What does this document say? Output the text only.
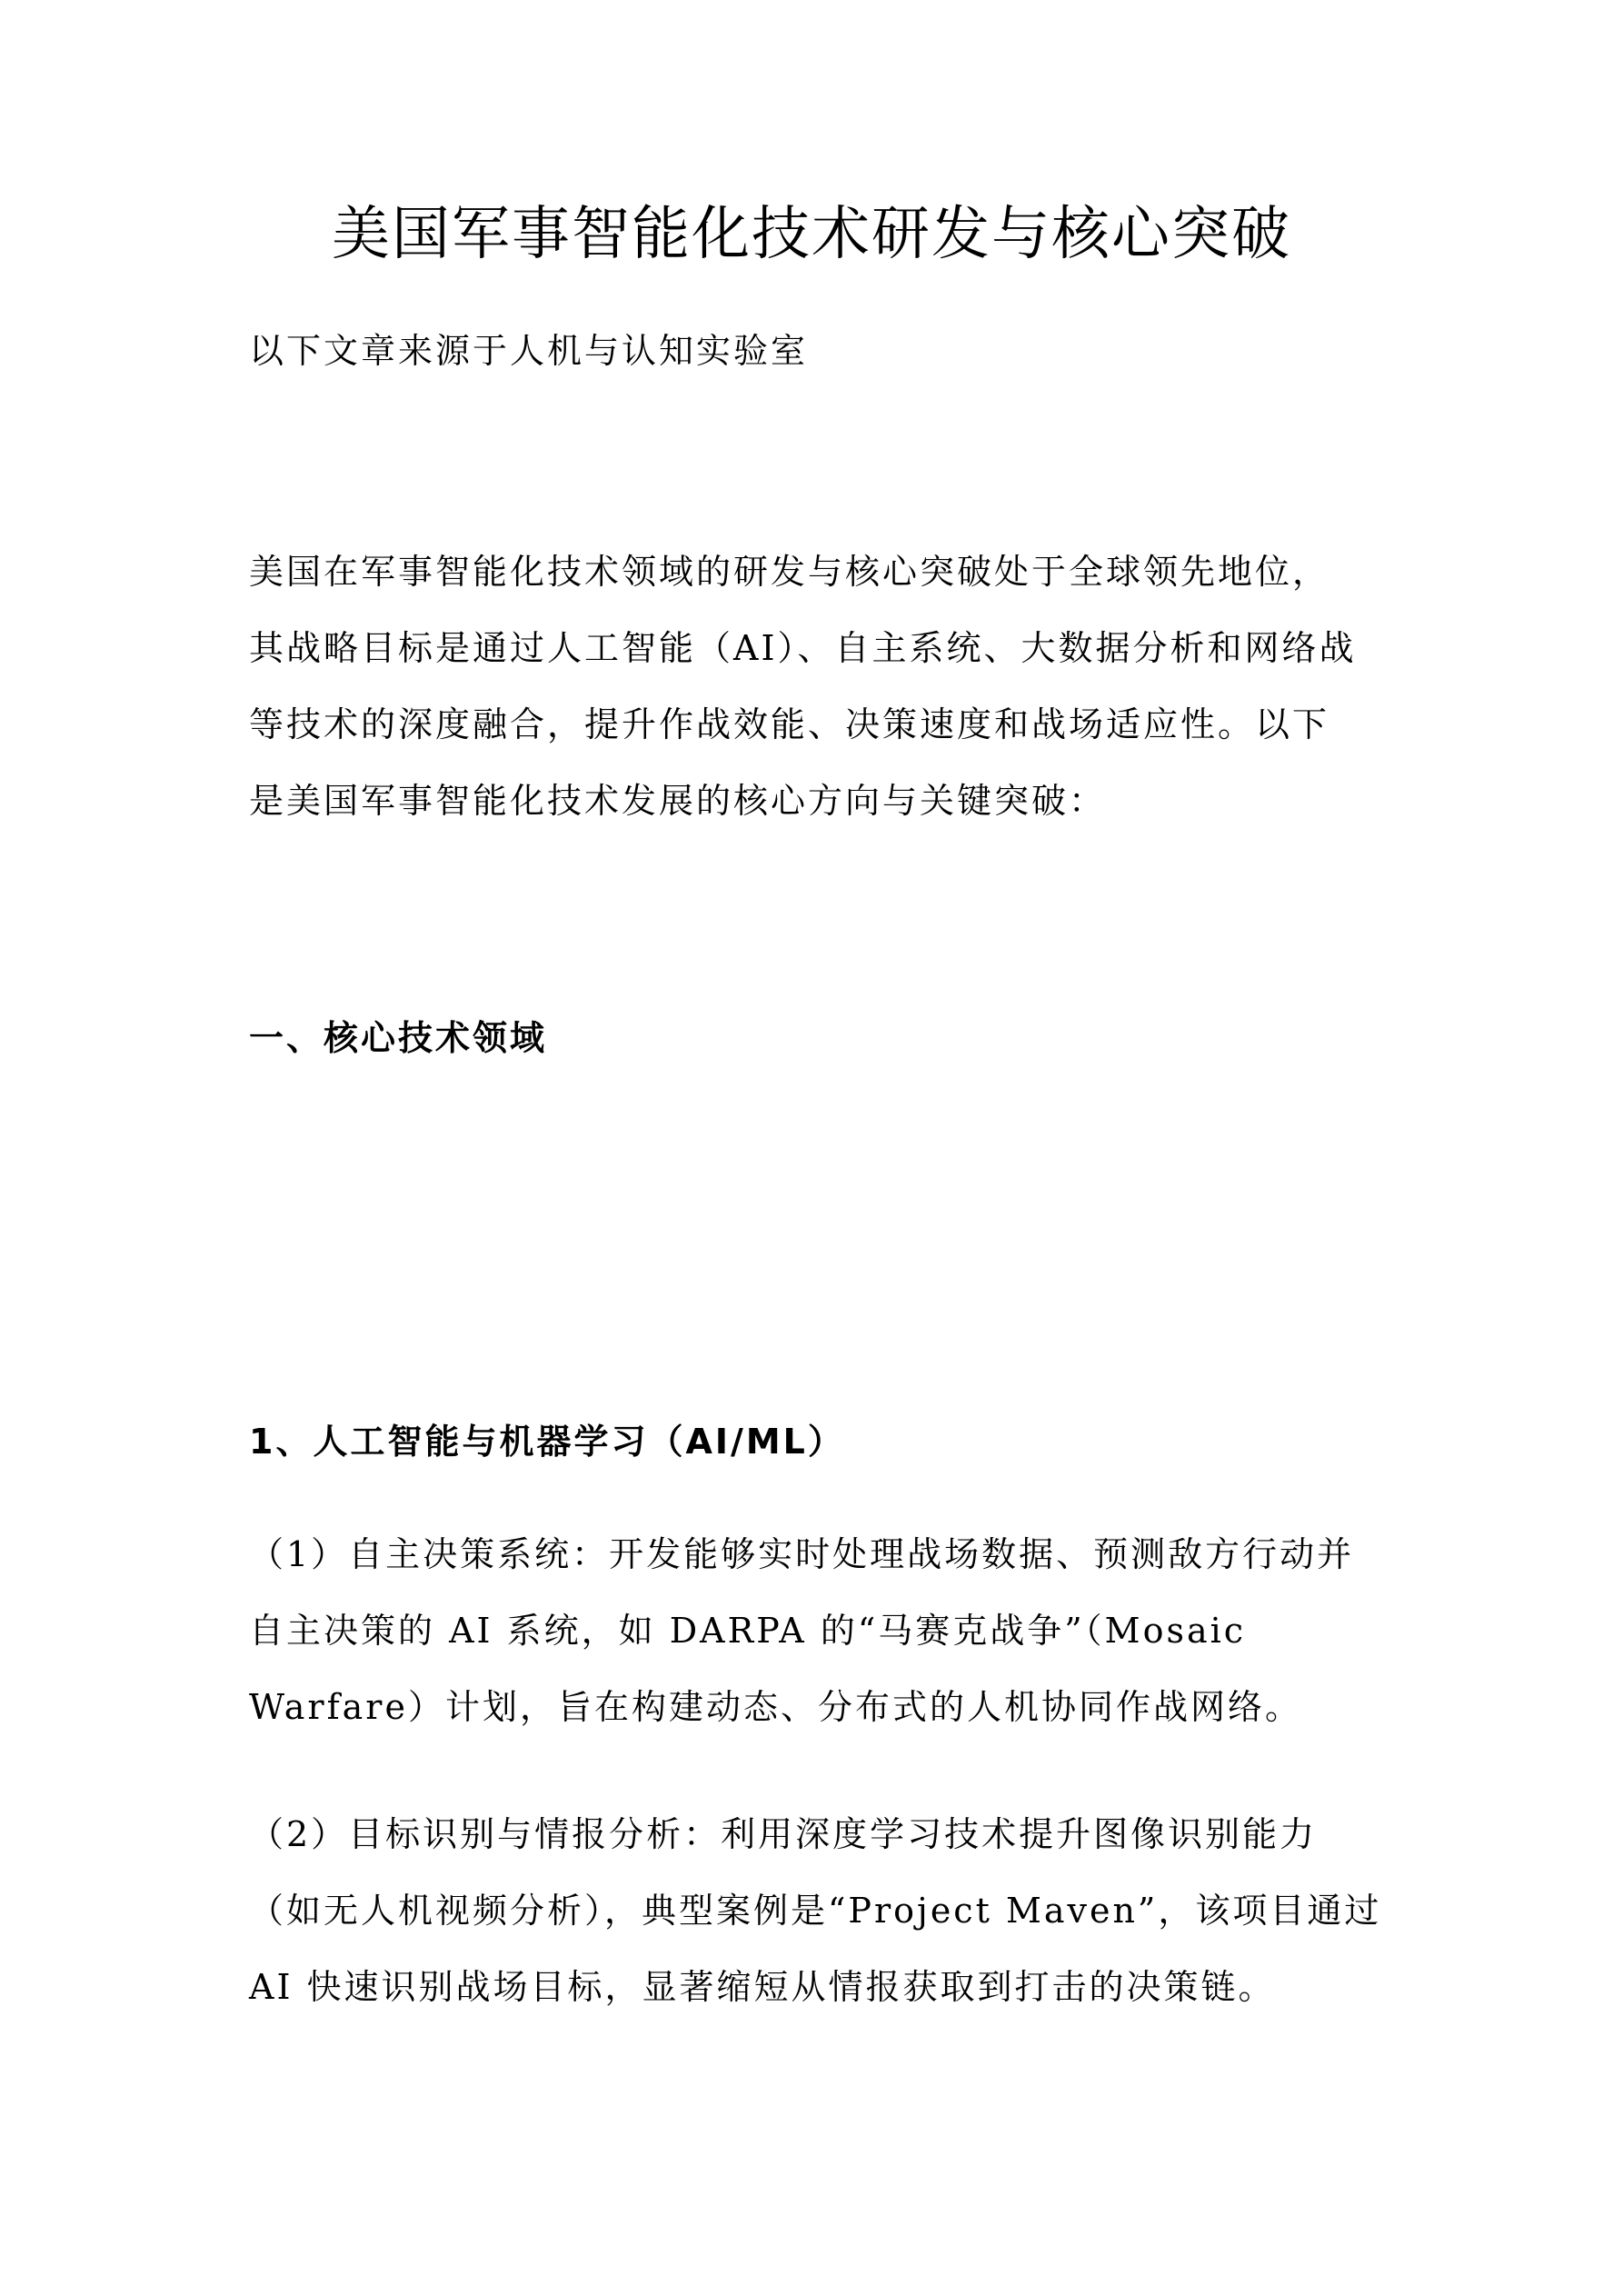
美国军事智能化技术研发与核心突破
以下文章来源于人机与认知实验室
美国在军事智能化技术领域的研发与核心突破处于全球领先地位，
其战略目标是通过人工智能（AI）、自主系统、大数据分析和网络战
等技术的深度融合，提升作战效能、决策速度和战场适应性。以下
是美国军事智能化技术发展的核心方向与关键突破：
一、核心技术领域
1、人工智能与机器学习（AI/ML）
（1）自主决策系统：开发能够实时处理战场数据、预测敌方行动并
自主决策的 AI 系统，如 DARPA 的“马赛克战争”（Mosaic
Warfare）计划，旨在构建动态、分布式的人机协同作战网络。
（2）目标识别与情报分析：利用深度学习技术提升图像识别能力
（如无人机视频分析），典型案例是“Project Maven”，该项目通过
AI 快速识别战场目标，显著缩短从情报获取到打击的决策链。
